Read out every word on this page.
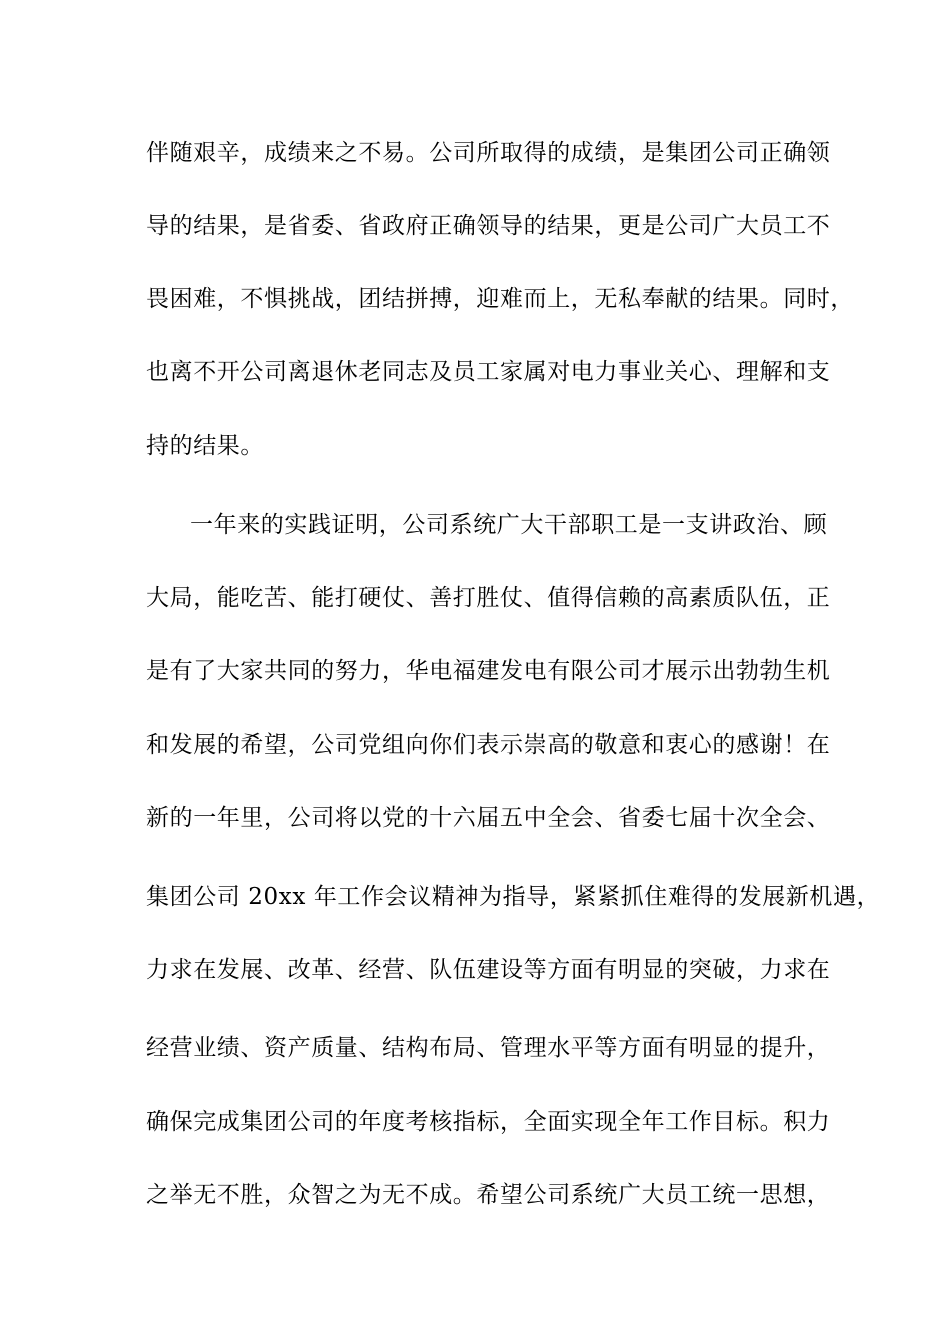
伴随艰辛，成绩来之不易。公司所取得的成绩，是集团公司正确领
导的结果，是省委、省政府正确领导的结果，更是公司广大员工不
畏困难，不惧挑战，团结拼搏，迎难而上，无私奉献的结果。同时，
也离不开公司离退休老同志及员工家属对电力事业关心、理解和支
持的结果。
一年来的实践证明，公司系统广大干部职工是一支讲政治、顾
大局，能吃苦、能打硬仗、善打胜仗、值得信赖的高素质队伍，正
是有了大家共同的努力，华电福建发电有限公司才展示出勃勃生机
和发展的希望，公司党组向你们表示崇高的敬意和衷心的感谢！在
新的一年里，公司将以党的十六届五中全会、省委七届十次全会、
集团公司 20xx 年工作会议精神为指导，紧紧抓住难得的发展新机遇，
力求在发展、改革、经营、队伍建设等方面有明显的突破，力求在
经营业绩、资产质量、结构布局、管理水平等方面有明显的提升，
确保完成集团公司的年度考核指标，全面实现全年工作目标。积力
之举无不胜，众智之为无不成。希望公司系统广大员工统一思想，
